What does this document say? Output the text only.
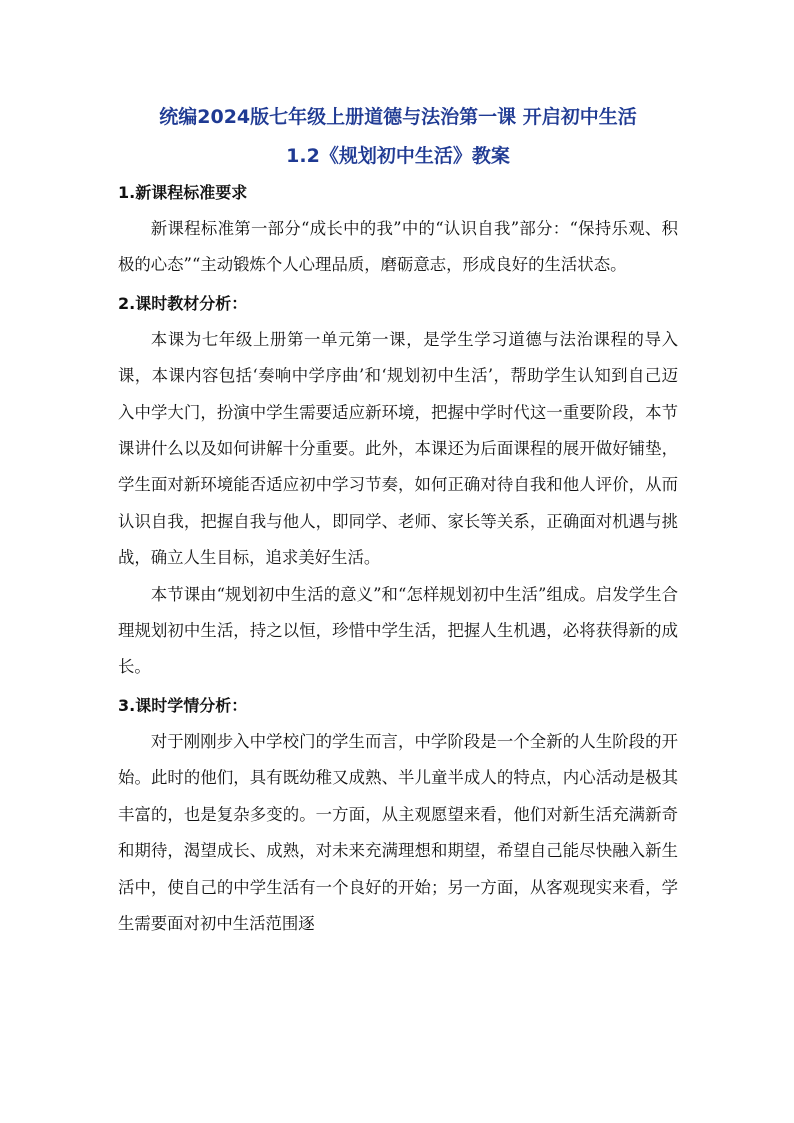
统编2024版七年级上册道德与法治第一课 开启初中生活
1.2《规划初中生活》教案
1.新课程标准要求

新课程标准第一部分“成长中的我”中的“认识自我”部分：“保持乐观、积极的心态”“主动锻炼个人心理品质，磨砺意志，形成良好的生活状态。

2.课时教材分析：

本课为七年级上册第一单元第一课，是学生学习道德与法治课程的导入课，本课内容包括‘奏响中学序曲’和‘规划初中生活’，帮助学生认知到自己迈入中学大门，扮演中学生需要适应新环境，把握中学时代这一重要阶段，本节课讲什么以及如何讲解十分重要。此外，本课还为后面课程的展开做好铺垫，学生面对新环境能否适应初中学习节奏，如何正确对待自我和他人评价，从而认识自我，把握自我与他人，即同学、老师、家长等关系，正确面对机遇与挑战，确立人生目标，追求美好生活。

本节课由“规划初中生活的意义”和“怎样规划初中生活”组成。启发学生合理规划初中生活，持之以恒，珍惜中学生活，把握人生机遇，必将获得新的成长。

3.课时学情分析：

对于刚刚步入中学校门的学生而言，中学阶段是一个全新的人生阶段的开始。此时的他们，具有既幼稚又成熟、半儿童半成人的特点，内心活动是极其丰富的，也是复杂多变的。一方面，从主观愿望来看，他们对新生活充满新奇和期待，渴望成长、成熟，对未来充满理想和期望，希望自己能尽快融入新生活中，使自己的中学生活有一个良好的开始；另一方面，从客观现实来看，学生需要面对初中生活范围逐
